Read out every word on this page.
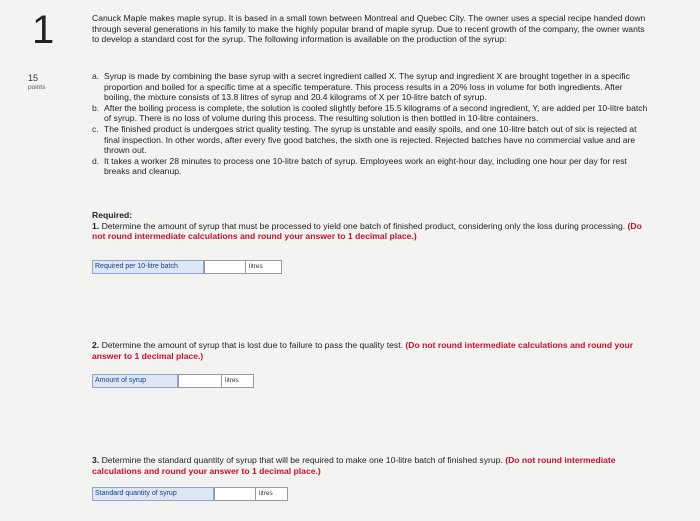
1
15
points
Canuck Maple makes maple syrup. It is based in a small town between Montreal and Quebec City. The owner uses a special recipe handed down through several generations in his family to make the highly popular brand of maple syrup. Due to recent growth of the company, the owner wants to develop a standard cost for the syrup. The following information is available on the production of the syrup:
a. Syrup is made by combining the base syrup with a secret ingredient called X. The syrup and ingredient X are brought together in a specific proportion and boiled for a specific time at a specific temperature. This process results in a 20% loss in volume for both ingredients. After boiling, the mixture consists of 13.8 litres of syrup and 20.4 kilograms of X per 10-litre batch of syrup.
b. After the boiling process is complete, the solution is cooled slightly before 15.5 kilograms of a second ingredient, Y, are added per 10-litre batch of syrup. There is no loss of volume during this process. The resulting solution is then bottled in 10-litre containers.
c. The finished product is undergoes strict quality testing. The syrup is unstable and easily spoils, and one 10-litre batch out of six is rejected at final inspection. In other words, after every five good batches, the sixth one is rejected. Rejected batches have no commercial value and are thrown out.
d. It takes a worker 28 minutes to process one 10-litre batch of syrup. Employees work an eight-hour day, including one hour per day for rest breaks and cleanup.
Required:
1. Determine the amount of syrup that must be processed to yield one batch of finished product, considering only the loss during processing. (Do not round intermediate calculations and round your answer to 1 decimal place.)
Required per 10-litre batch	litres
2. Determine the amount of syrup that is lost due to failure to pass the quality test. (Do not round intermediate calculations and round your answer to 1 decimal place.)
Amount of syrup	litres
3. Determine the standard quantity of syrup that will be required to make one 10-litre batch of finished syrup. (Do not round intermediate calculations and round your answer to 1 decimal place.)
Standard quantity of syrup	litres
